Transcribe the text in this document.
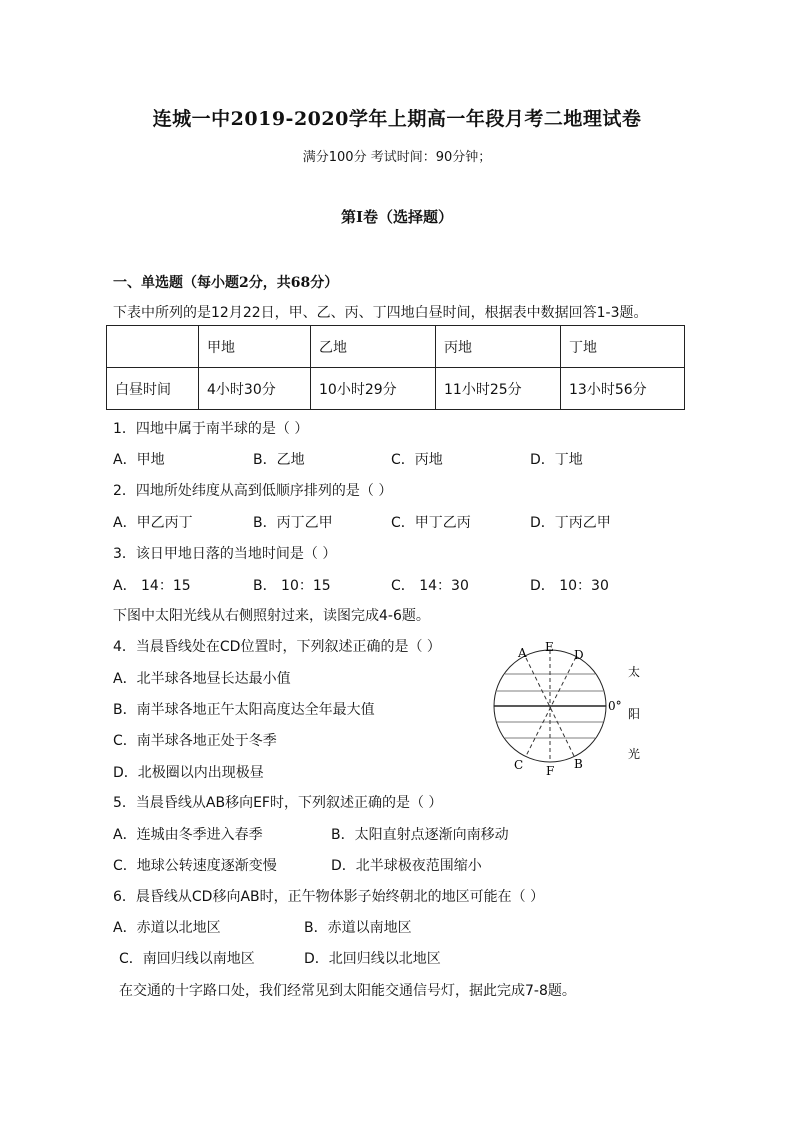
连城一中2019-2020学年上期高一年段月考二地理试卷
满分100分 考试时间：90分钟；
第I卷（选择题）
一、单选题（每小题2分，共68分）
下表中所列的是12月22日，甲、乙、丙、丁四地白昼时间，根据表中数据回答1-3题。
	甲地	乙地	丙地	丁地
白昼时间	4小时30分	10小时29分	11小时25分	13小时56分
1．四地中属于南半球的是（ ）
A．甲地	B．乙地	C．丙地	D．丁地
2．四地所处纬度从高到低顺序排列的是（ ）
A．甲乙丙丁	B．丙丁乙甲	C．甲丁乙丙	D．丁丙乙甲
3．该日甲地日落的当地时间是（ ）
A． 14：15	B． 10：15	C． 14：30	D． 10：30
下图中太阳光线从右侧照射过来，读图完成4-6题。
4．当晨昏线处在CD位置时，下列叙述正确的是（ ）
A．北半球各地昼长达最小值
B．南半球各地正午太阳高度达全年最大值
C．南半球各地正处于冬季
D．北极圈以内出现极昼
A E
D
C F B
0°
太
阳
光
5．当晨昏线从AB移向EF时，下列叙述正确的是（ ）
A．连城由冬季进入春季	B．太阳直射点逐渐向南移动
C．地球公转速度逐渐变慢	D．北半球极夜范围缩小
6．晨昏线从CD移向AB时，正午物体影子始终朝北的地区可能在（ ）
A．赤道以北地区	B．赤道以南地区
C．南回归线以南地区	D．北回归线以北地区
在交通的十字路口处，我们经常见到太阳能交通信号灯，据此完成7-8题。
